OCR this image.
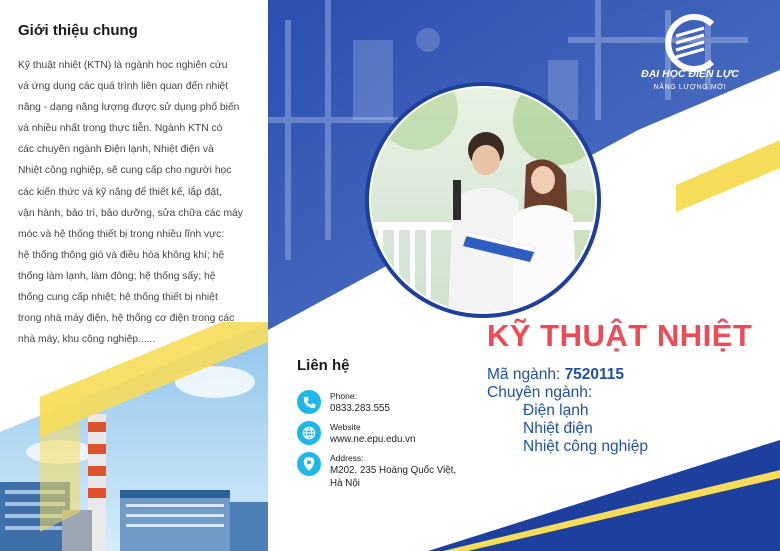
Giới thiệu chung
Kỹ thuật nhiệt (KTN) là ngành học nghiên cứu
và ứng dụng các quá trình liên quan đến nhiệt
năng - dạng năng lượng được sử dụng phổ biến
và nhiều nhất trong thực tiễn. Ngành KTN có
các chuyên ngành Điện lạnh, Nhiệt điện và
Nhiệt công nghiệp, sẽ cung cấp cho người học
các kiến thức và kỹ năng để thiết kế, lắp đặt,
vận hành, bảo trì, bảo dưỡng, sửa chữa các máy
móc và hệ thống thiết bị trong nhiều lĩnh vực:
hệ thống thông gió và điều hòa không khí; hệ
thống làm lạnh, làm đông; hệ thống sấy; hệ
thống cung cấp nhiệt; hệ thống thiết bị nhiệt
trong nhà máy điện, hệ thống cơ điện trong các
nhà máy, khu công nghiệp......
ĐẠI HỌC ĐIỆN LỰC
NĂNG LƯỢNG MỚI
Liên hệ
Phone:
0833.283.555
Website
www.ne.epu.edu.vn
Address:
M202, 235 Hoàng Quốc Việt,
Hà Nội
KỸ THUẬT NHIỆT
Mã ngành: 7520115
Chuyên ngành:
Điện lạnh
Nhiệt điện
Nhiệt công nghiệp
